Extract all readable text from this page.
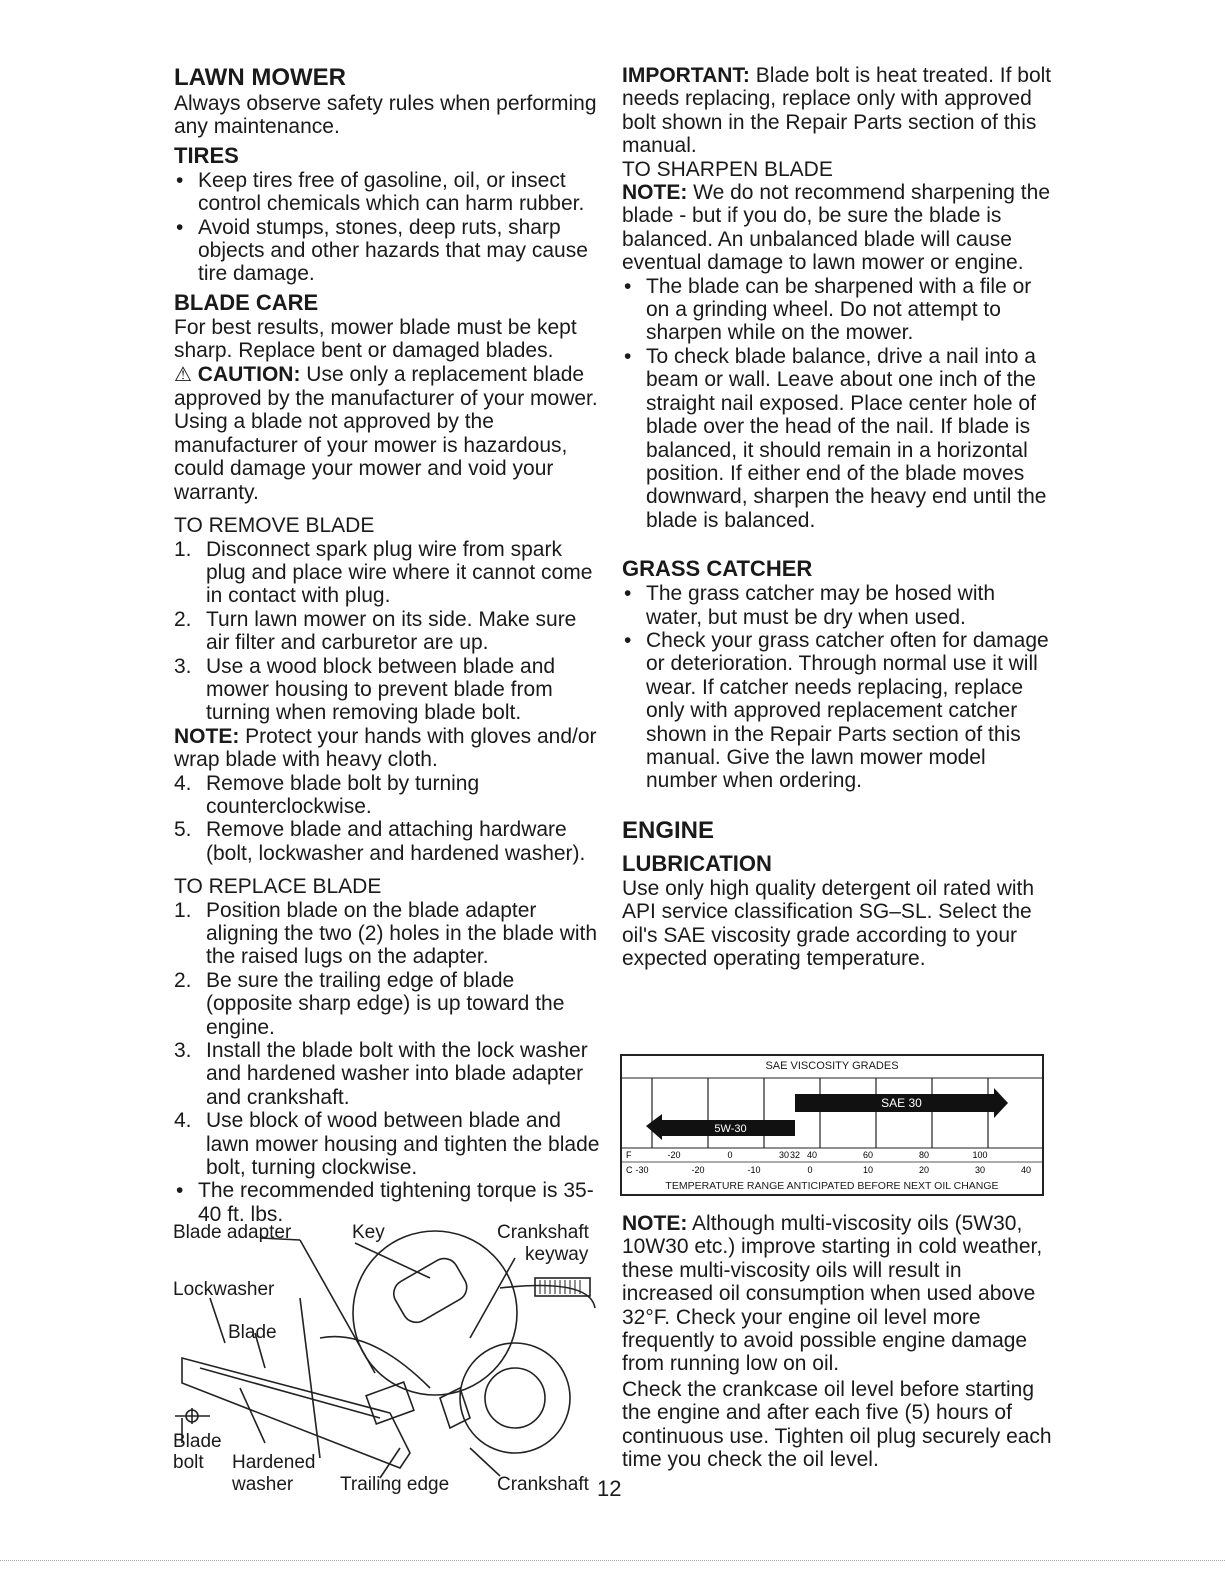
LAWN MOWER

Always observe safety rules when performing any maintenance.

TIRES
• Keep tires free of gasoline, oil, or insect control chemicals which can harm rubber.
• Avoid stumps, stones, deep ruts, sharp objects and other hazards that may cause tire damage.
BLADE CARE

For best results, mower blade must be kept sharp. Replace bent or damaged blades.

⚠ CAUTION: Use only a replacement blade approved by the manufacturer of your mower. Using a blade not approved by the manufacturer of your mower is hazardous, could damage your mower and void your warranty.

TO REMOVE BLADE

1. Disconnect spark plug wire from spark plug and place wire where it cannot come in contact with plug.
2. Turn lawn mower on its side. Make sure air filter and carburetor are up.
3. Use a wood block between blade and mower housing to prevent blade from turning when removing blade bolt.

NOTE: Protect your hands with gloves and/or wrap blade with heavy cloth.

4. Remove blade bolt by turning counterclockwise.
5. Remove blade and attaching hardware (bolt, lockwasher and hardened washer).

TO REPLACE BLADE

1. Position blade on the blade adapter aligning the two (2) holes in the blade with the raised lugs on the adapter.
2. Be sure the trailing edge of blade (opposite sharp edge) is up toward the engine.
3. Install the blade bolt with the lock washer and hardened washer into blade adapter and crankshaft.
4. Use block of wood between blade and lawn mower housing and tighten the blade bolt, turning clockwise.
• The recommended tightening torque is 35-40 ft. lbs.
Blade adapter	Key	Crankshaft
keyway
Lockwasher
Blade
Blade
bolt Hardened
washer Trailing edge	Crankshaft

IMPORTANT: Blade bolt is heat treated. If bolt needs replacing, replace only with approved bolt shown in the Repair Parts section of this manual.

TO SHARPEN BLADE

NOTE: We do not recommend sharpening the blade - but if you do, be sure the blade is balanced. An unbalanced blade will cause eventual damage to lawn mower or engine.

• The blade can be sharpened with a file or on a grinding wheel. Do not attempt to sharpen while on the mower.
• To check blade balance, drive a nail into a beam or wall. Leave about one inch of the straight nail exposed. Place center hole of blade over the head of the nail. If blade is balanced, it should remain in a horizontal position. If either end of the blade moves downward, sharpen the heavy end until the blade is balanced.
GRASS CATCHER
• The grass catcher may be hosed with water, but must be dry when used.
• Check your grass catcher often for damage or deterioration. Through normal use it will wear. If catcher needs replacing, replace only with approved replacement catcher shown in the Repair Parts section of this manual. Give the lawn mower model number when ordering.
ENGINE
LUBRICATION

Use only high quality detergent oil rated with API service classification SG–SL. Select the oil's SAE viscosity grade according to your expected operating temperature.

SAE VISCOSITY GRADES
5W-30
SAE 30
F	-20	0	30 32 40	60	80	100
C -30	-20	-10	0	10	20	30	40
TEMPERATURE RANGE ANTICIPATED BEFORE NEXT OIL CHANGE

NOTE: Although multi-viscosity oils (5W30, 10W30 etc.) improve starting in cold weather, these multi-viscosity oils will result in increased oil consumption when used above 32°F. Check your engine oil level more frequently to avoid possible engine damage from running low on oil.

Check the crankcase oil level before starting the engine and after each five (5) hours of continuous use. Tighten oil plug securely each time you check the oil level.

12
